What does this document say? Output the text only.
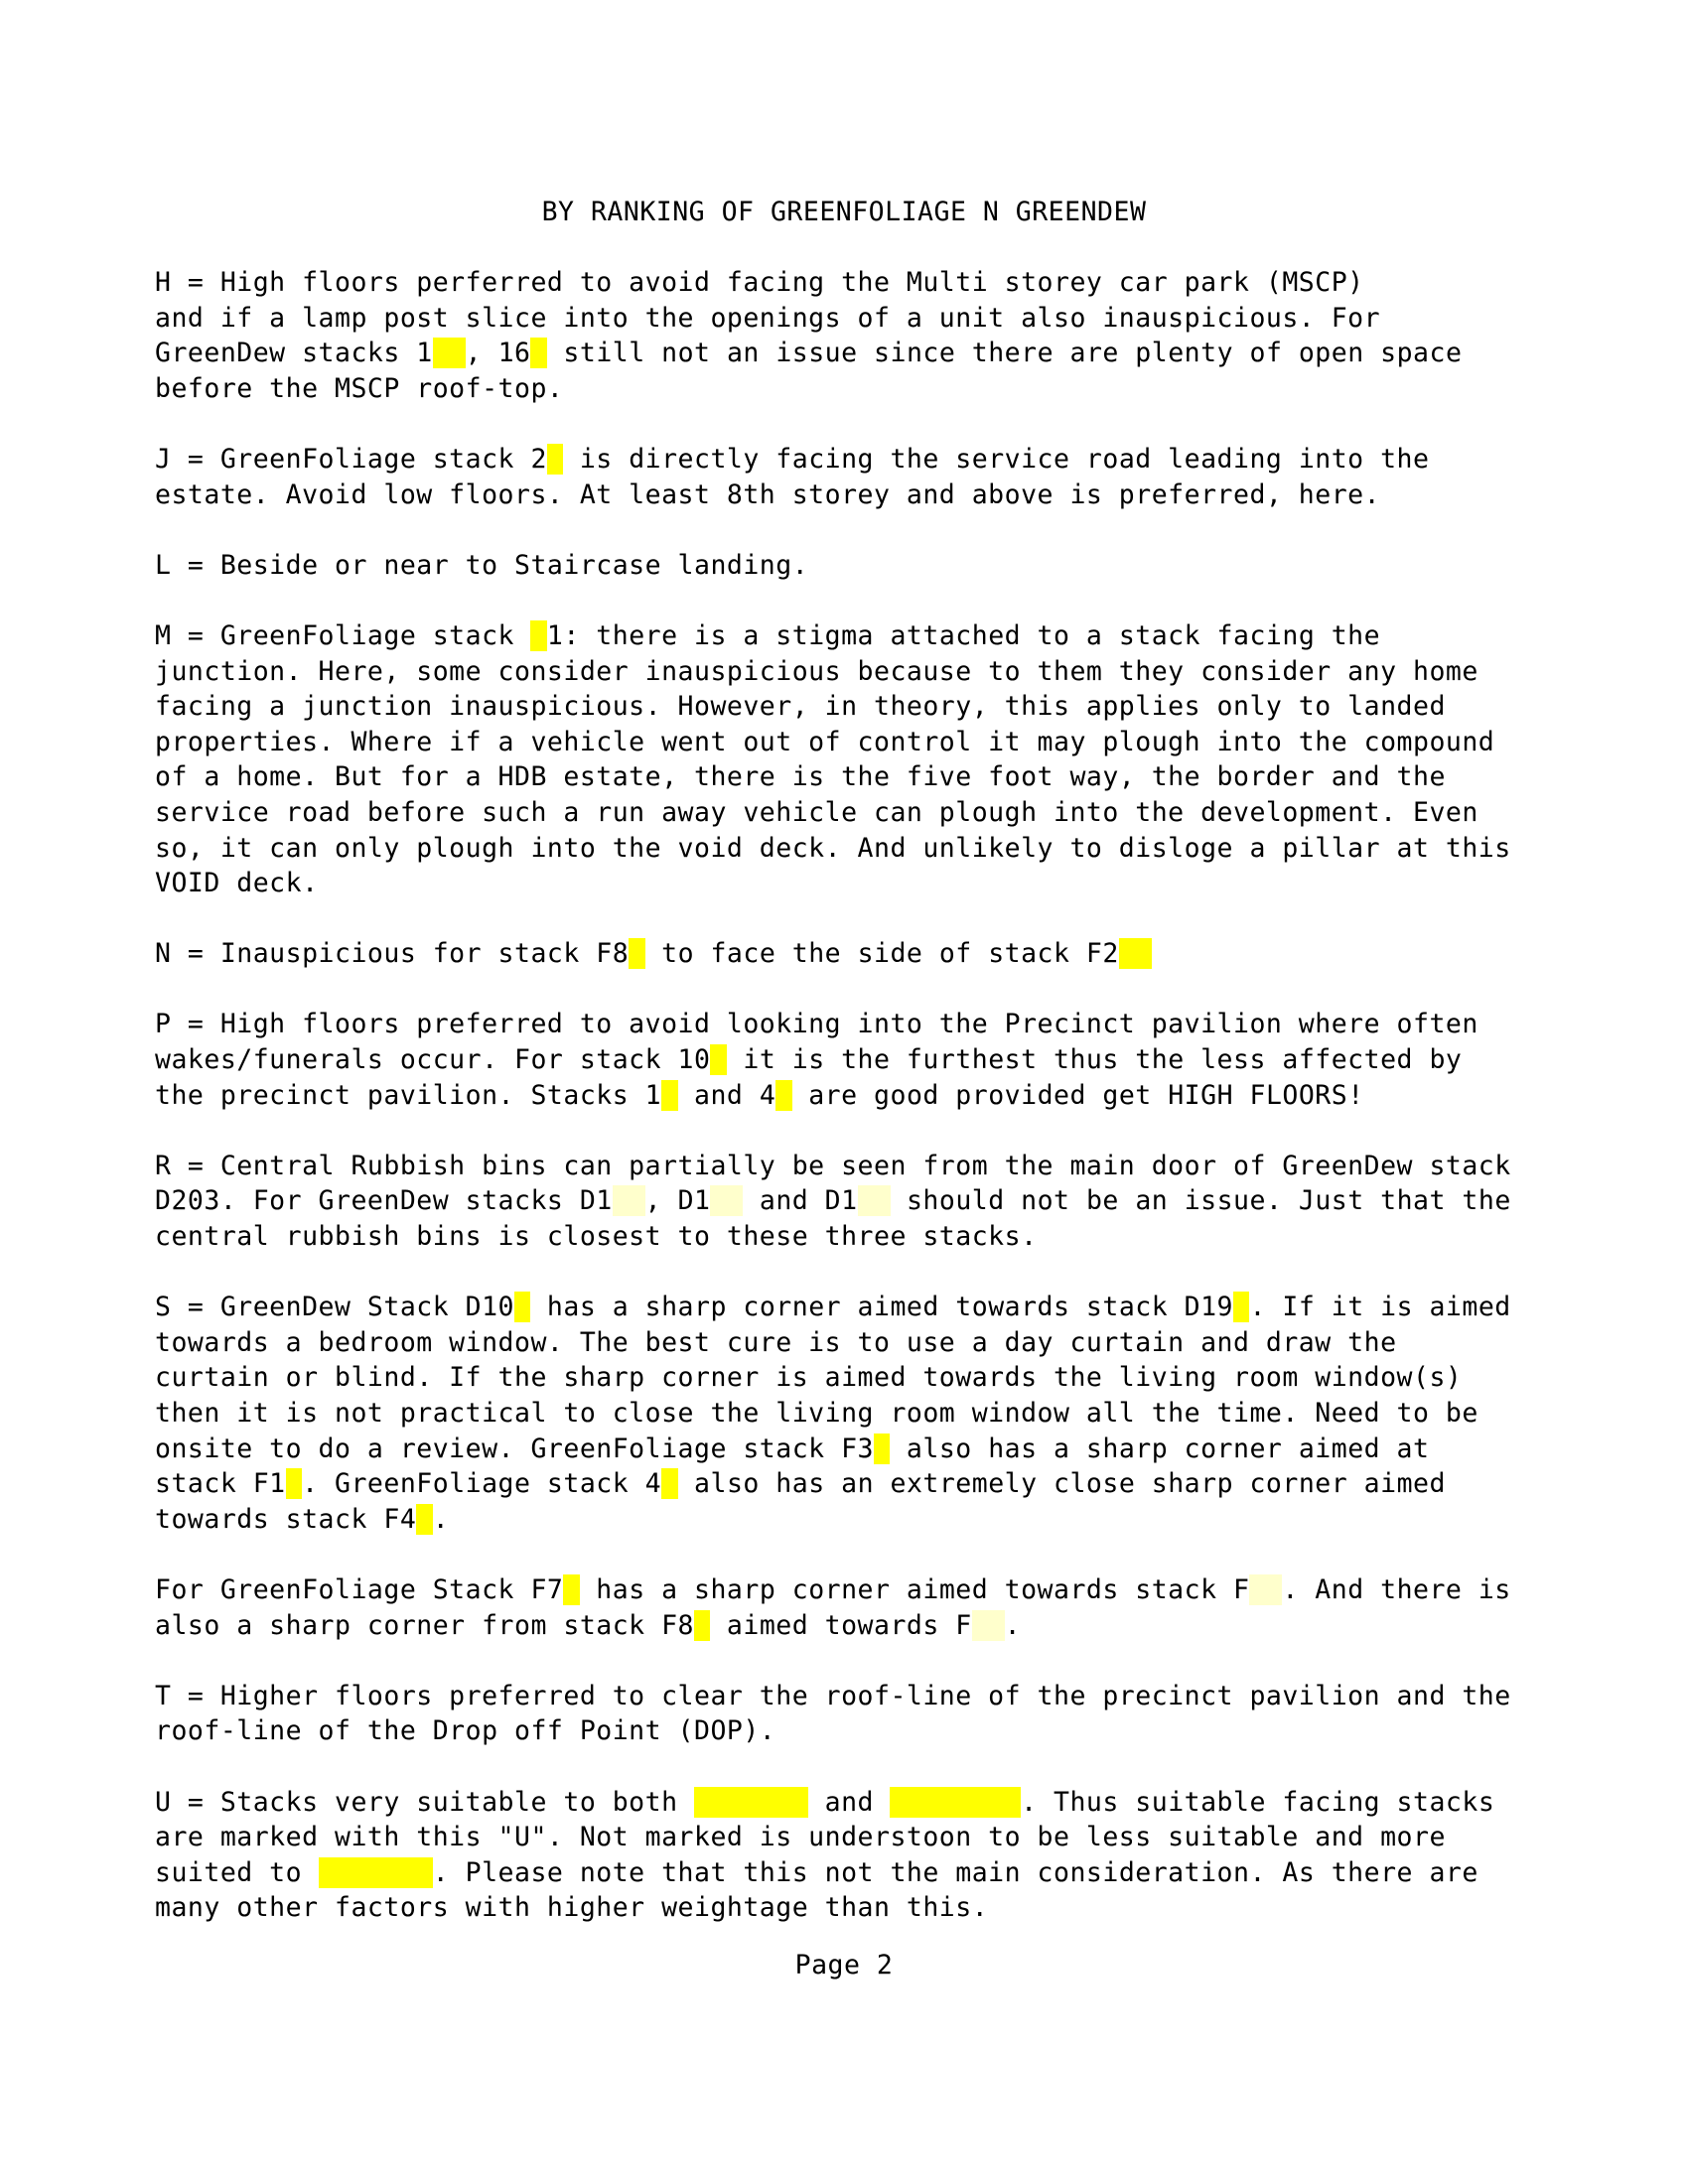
BY RANKING OF GREENFOLIAGE N GREENDEW
H = High floors perferred to avoid facing the Multi storey car park (MSCP)
and if a lamp post slice into the openings of a unit also inauspicious. For
GreenDew stacks 1 , 16  still not an issue since there are plenty of open space
before the MSCP roof-top.
J = GreenFoliage stack 2  is directly facing the service road leading into the
estate. Avoid low floors. At least 8th storey and above is preferred, here.
L = Beside or near to Staircase landing.
M = GreenFoliage stack  1: there is a stigma attached to a stack facing the
junction. Here, some consider inauspicious because to them they consider any home
facing a junction inauspicious. However, in theory, this applies only to landed
properties. Where if a vehicle went out of control it may plough into the compound
of a home. But for a HDB estate, there is the five foot way, the border and the
service road before such a run away vehicle can plough into the development. Even
so, it can only plough into the void deck. And unlikely to disloge a pillar at this
VOID deck.
N = Inauspicious for stack F8  to face the side of stack F2
P = High floors preferred to avoid looking into the Precinct pavilion where often
wakes/funerals occur. For stack 10  it is the furthest thus the less affected by
the precinct pavilion. Stacks 1  and 4  are good provided get HIGH FLOORS!
R = Central Rubbish bins can partially be seen from the main door of GreenDew stack
D203. For GreenDew stacks D1 , D1   and D1   should not be an issue. Just that the
central rubbish bins is closest to these three stacks.
S = GreenDew Stack D10  has a sharp corner aimed towards stack D19 . If it is aimed
towards a bedroom window. The best cure is to use a day curtain and draw the
curtain or blind. If the sharp corner is aimed towards the living room window(s)
then it is not practical to close the living room window all the time. Need to be
onsite to do a review. GreenFoliage stack F3  also has a sharp corner aimed at
stack F1 . GreenFoliage stack 4  also has an extremely close sharp corner aimed
towards stack F4 .
For GreenFoliage Stack F7  has a sharp corner aimed towards stack F . And there is
also a sharp corner from stack F8  aimed towards F .
T = Higher floors preferred to clear the roof-line of the precinct pavilion and the
roof-line of the Drop off Point (DOP).
U = Stacks very suitable to both	and	. Thus suitable facing stacks
are marked with this "U". Not marked is understoon to be less suitable and more
suited to	. Please note that this not the main consideration. As there are
many other factors with higher weightage than this.
Page 2
